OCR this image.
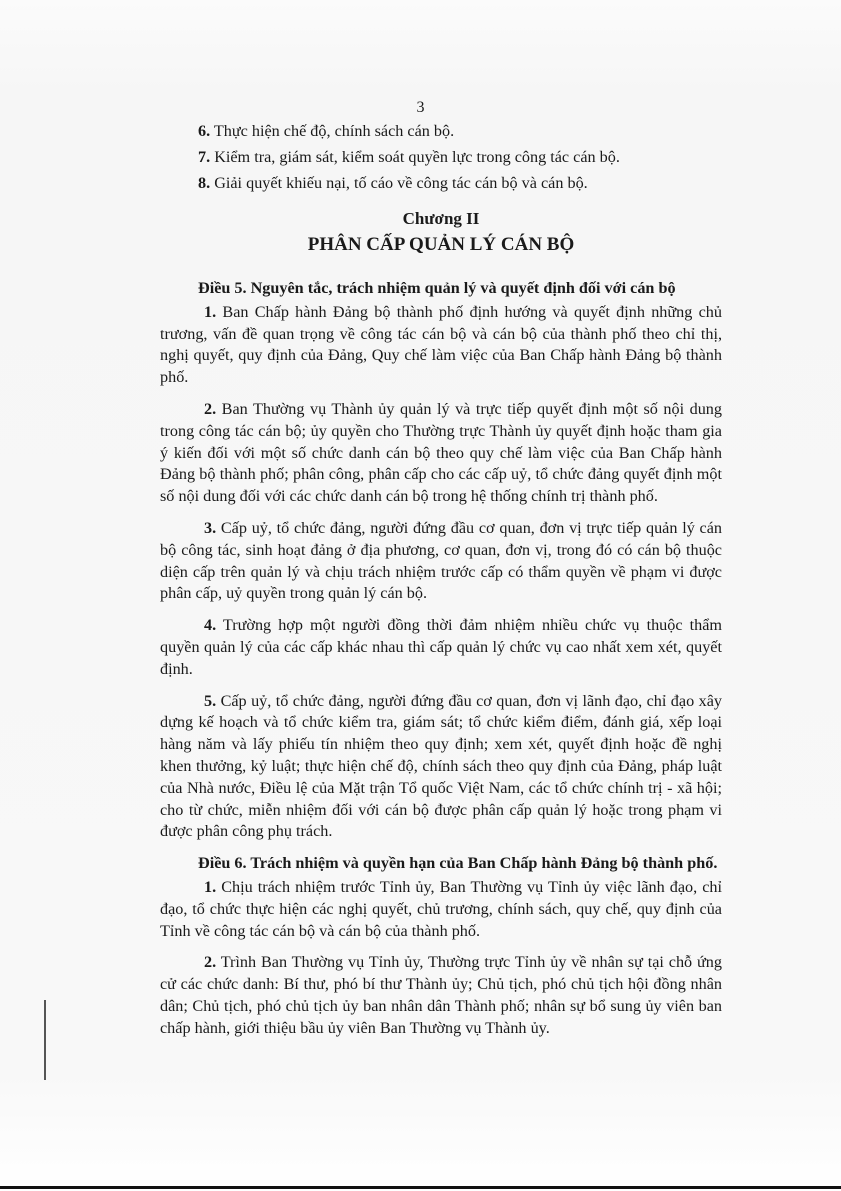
3
6. Thực hiện chế độ, chính sách cán bộ.
7. Kiểm tra, giám sát, kiểm soát quyền lực trong công tác cán bộ.
8. Giải quyết khiếu nại, tố cáo về công tác cán bộ và cán bộ.
Chương II
PHÂN CẤP QUẢN LÝ CÁN BỘ
Điều 5. Nguyên tắc, trách nhiệm quản lý và quyết định đối với cán bộ
1. Ban Chấp hành Đảng bộ thành phố định hướng và quyết định những chủ trương, vấn đề quan trọng về công tác cán bộ và cán bộ của thành phố theo chỉ thị, nghị quyết, quy định của Đảng, Quy chế làm việc của Ban Chấp hành Đảng bộ thành phố.
2. Ban Thường vụ Thành ủy quản lý và trực tiếp quyết định một số nội dung trong công tác cán bộ; ủy quyền cho Thường trực Thành ủy quyết định hoặc tham gia ý kiến đối với một số chức danh cán bộ theo quy chế làm việc của Ban Chấp hành Đảng bộ thành phố; phân công, phân cấp cho các cấp uỷ, tổ chức đảng quyết định một số nội dung đối với các chức danh cán bộ trong hệ thống chính trị thành phố.
3. Cấp uỷ, tổ chức đảng, người đứng đầu cơ quan, đơn vị trực tiếp quản lý cán bộ công tác, sinh hoạt đảng ở địa phương, cơ quan, đơn vị, trong đó có cán bộ thuộc diện cấp trên quản lý và chịu trách nhiệm trước cấp có thẩm quyền về phạm vi được phân cấp, uỷ quyền trong quản lý cán bộ.
4. Trường hợp một người đồng thời đảm nhiệm nhiều chức vụ thuộc thẩm quyền quản lý của các cấp khác nhau thì cấp quản lý chức vụ cao nhất xem xét, quyết định.
5. Cấp uỷ, tổ chức đảng, người đứng đầu cơ quan, đơn vị lãnh đạo, chỉ đạo xây dựng kế hoạch và tổ chức kiểm tra, giám sát; tổ chức kiểm điểm, đánh giá, xếp loại hàng năm và lấy phiếu tín nhiệm theo quy định; xem xét, quyết định hoặc đề nghị khen thưởng, kỷ luật; thực hiện chế độ, chính sách theo quy định của Đảng, pháp luật của Nhà nước, Điều lệ của Mặt trận Tổ quốc Việt Nam, các tổ chức chính trị - xã hội; cho từ chức, miễn nhiệm đối với cán bộ được phân cấp quản lý hoặc trong phạm vi được phân công phụ trách.
Điều 6. Trách nhiệm và quyền hạn của Ban Chấp hành Đảng bộ thành phố.
1. Chịu trách nhiệm trước Tỉnh ủy, Ban Thường vụ Tỉnh ủy việc lãnh đạo, chỉ đạo, tổ chức thực hiện các nghị quyết, chủ trương, chính sách, quy chế, quy định của Tỉnh về công tác cán bộ và cán bộ của thành phố.
2. Trình Ban Thường vụ Tỉnh ủy, Thường trực Tỉnh ủy về nhân sự tại chỗ ứng cử các chức danh: Bí thư, phó bí thư Thành ủy; Chủ tịch, phó chủ tịch hội đồng nhân dân; Chủ tịch, phó chủ tịch ủy ban nhân dân Thành phố; nhân sự bổ sung ủy viên ban chấp hành, giới thiệu bầu ủy viên Ban Thường vụ Thành ủy.
